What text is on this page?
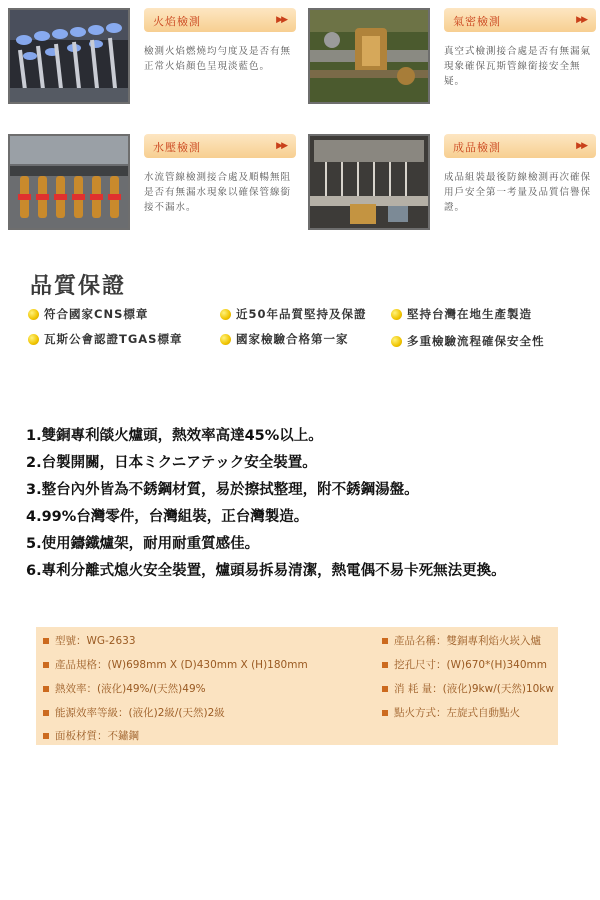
火焰檢測	▶▶
檢測火焰燃燒均勻度及是否有無正常火焰顏色呈現淡藍色。
氣密檢測	▶▶
真空式檢測接合處是否有無漏氣現象確保瓦斯管線銜接安全無疑。
水壓檢測	▶▶
水流管線檢測接合處及順暢無阻是否有無漏水現象以確保管線銜接不漏水。
成品檢測	▶▶
成品組裝最後防線檢測再次確保用戶安全第一考量及品質信譽保證。
品質保證
符合國家CNS標章	近50年品質堅持及保證	堅持台灣在地生產製造
瓦斯公會認證TGAS標章	國家檢驗合格第一家	多重檢驗流程確保安全性
1.雙銅專利燄火爐頭，熱效率高達45%以上。
2.台製開關，日本ミクニアテック安全裝置。
3.整台內外皆為不銹鋼材質，易於擦拭整理，附不銹鋼湯盤。
4.99%台灣零件，台灣組裝，正台灣製造。
5.使用鑄鐵爐架，耐用耐重質感佳。
6.專利分離式熄火安全裝置，爐頭易拆易清潔，熱電偶不易卡死無法更換。
型號：WG-2633	產品名稱：雙銅專利焰火崁入爐
產品規格：(W)698mm X (D)430mm X (H)180mm	挖孔尺寸：(W)670*(H)340mm
熱效率：(液化)49%/(天然)49%	消 耗 量：(液化)9kw/(天然)10kw
能源效率等級：(液化)2級/(天然)2級	點火方式：左旋式自動點火
面板材質：不鏽鋼
